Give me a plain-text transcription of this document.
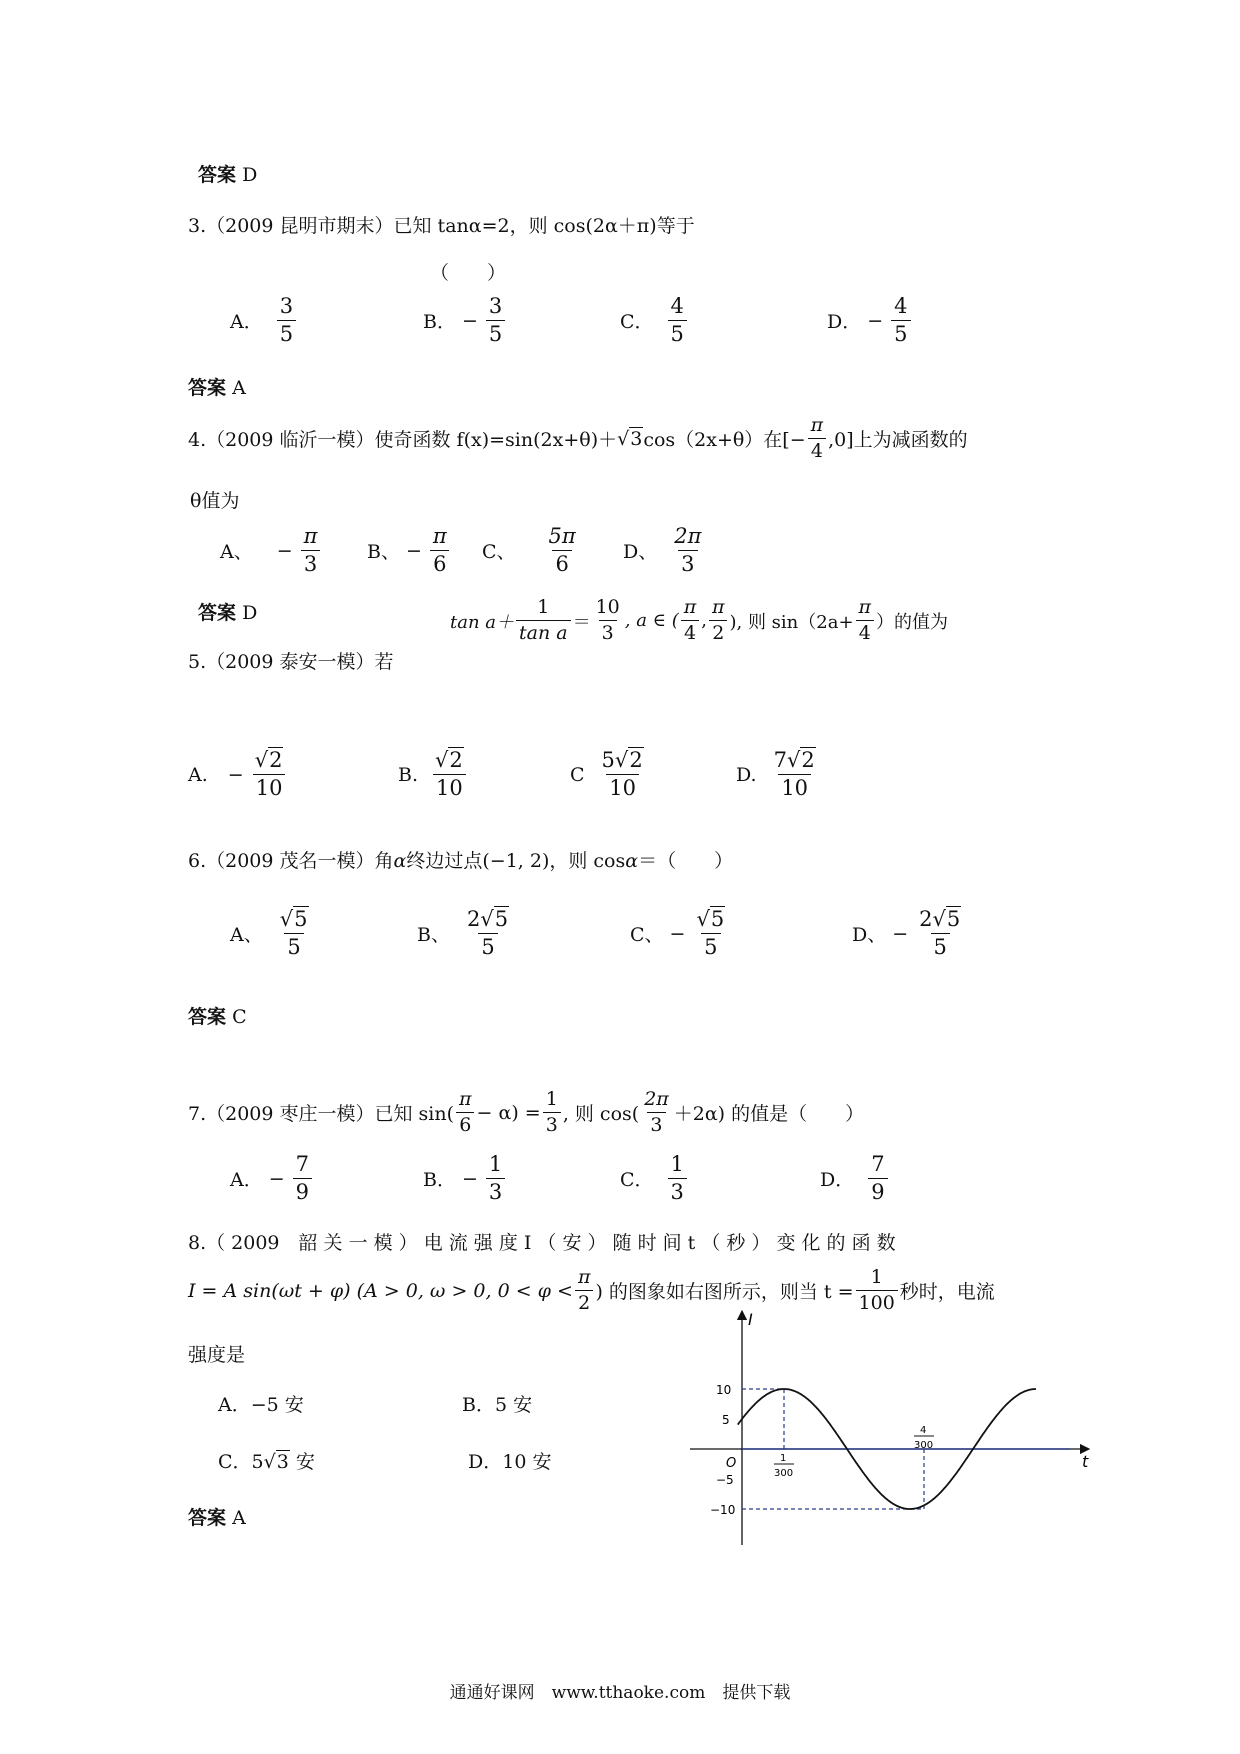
答案 D
3.（2009 昆明市期末）已知 tanα=2，则 cos(2α＋π)等于
（　　）
A． $\frac{3}{5}$	B． − $\frac{3}{5}$	C． $\frac{4}{5}$	D． − $\frac{4}{5}$
答案 A
4.（2009 临沂一模）使奇函数 f(x)=sin(2x+θ)＋ √3 cos（2x+θ）在[− $\frac{\pi}{4} ,0$]上为减函数的
θ值为
A、 − $\frac{\pi}{3}$ B、 − $\frac{\pi}{6}$ C、 $\frac{5\pi}{6}$ D、 $\frac{2\pi}{3}$
答案 D	$\tan a+ \frac{1}{\text{tan a}} = \frac{10}{3}$ , a ∈ ( $\frac{\pi}{4}$ , $\frac{\pi}{2}$ ), 则 $\sin(2a+ \frac{\pi}{4}$ ）的值为
5.（2009 泰安一模）若
A. − $\frac{√2}{10}$	B. $\frac{√2}{10}$	C $\frac{5√2}{10}$	D. $\frac{7√2}{10}$
6.（2009 茂名一模）角α终边过点(−1, 2)，则 cosα＝（　　）
A、 $\frac{√5}{5}$	B、 $\frac{2√5}{5}$	C、 − $\frac{√5}{5}$	D、 − $\frac{2√5}{5}$
答案 C
7.（2009 枣庄一模）已知 $\sin( \frac{\pi}{6} - \alpha) = \frac{1}{3}$ , 则 $\cos( \frac{2\pi}{3} +2\alpha)$ 的值是（　　）
A． − $\frac{7}{9}$	B． − $\frac{1}{3}$	C． $\frac{1}{3}$	D． $\frac{7}{9}$
8.（ 2009　韶 关 一 模 ） 电 流 强 度 I （ 安 ） 随 时 间 t （ 秒 ） 变 化 的 函 数
I = A sin(ωt + φ) (A > 0, ω > 0, $0 < \varphi < \frac{\pi}{2}$ ) 的图象如右图所示，则当 $t = \frac{1}{100}$ 秒时，电流
强度是
A．−5 安	B．5 安
C．5√3 安	D．10 安
答案 A
I
t
O
10
5
−5
−10
1
300
4
300
通通好课网　www.tthaoke.com　提供下载
